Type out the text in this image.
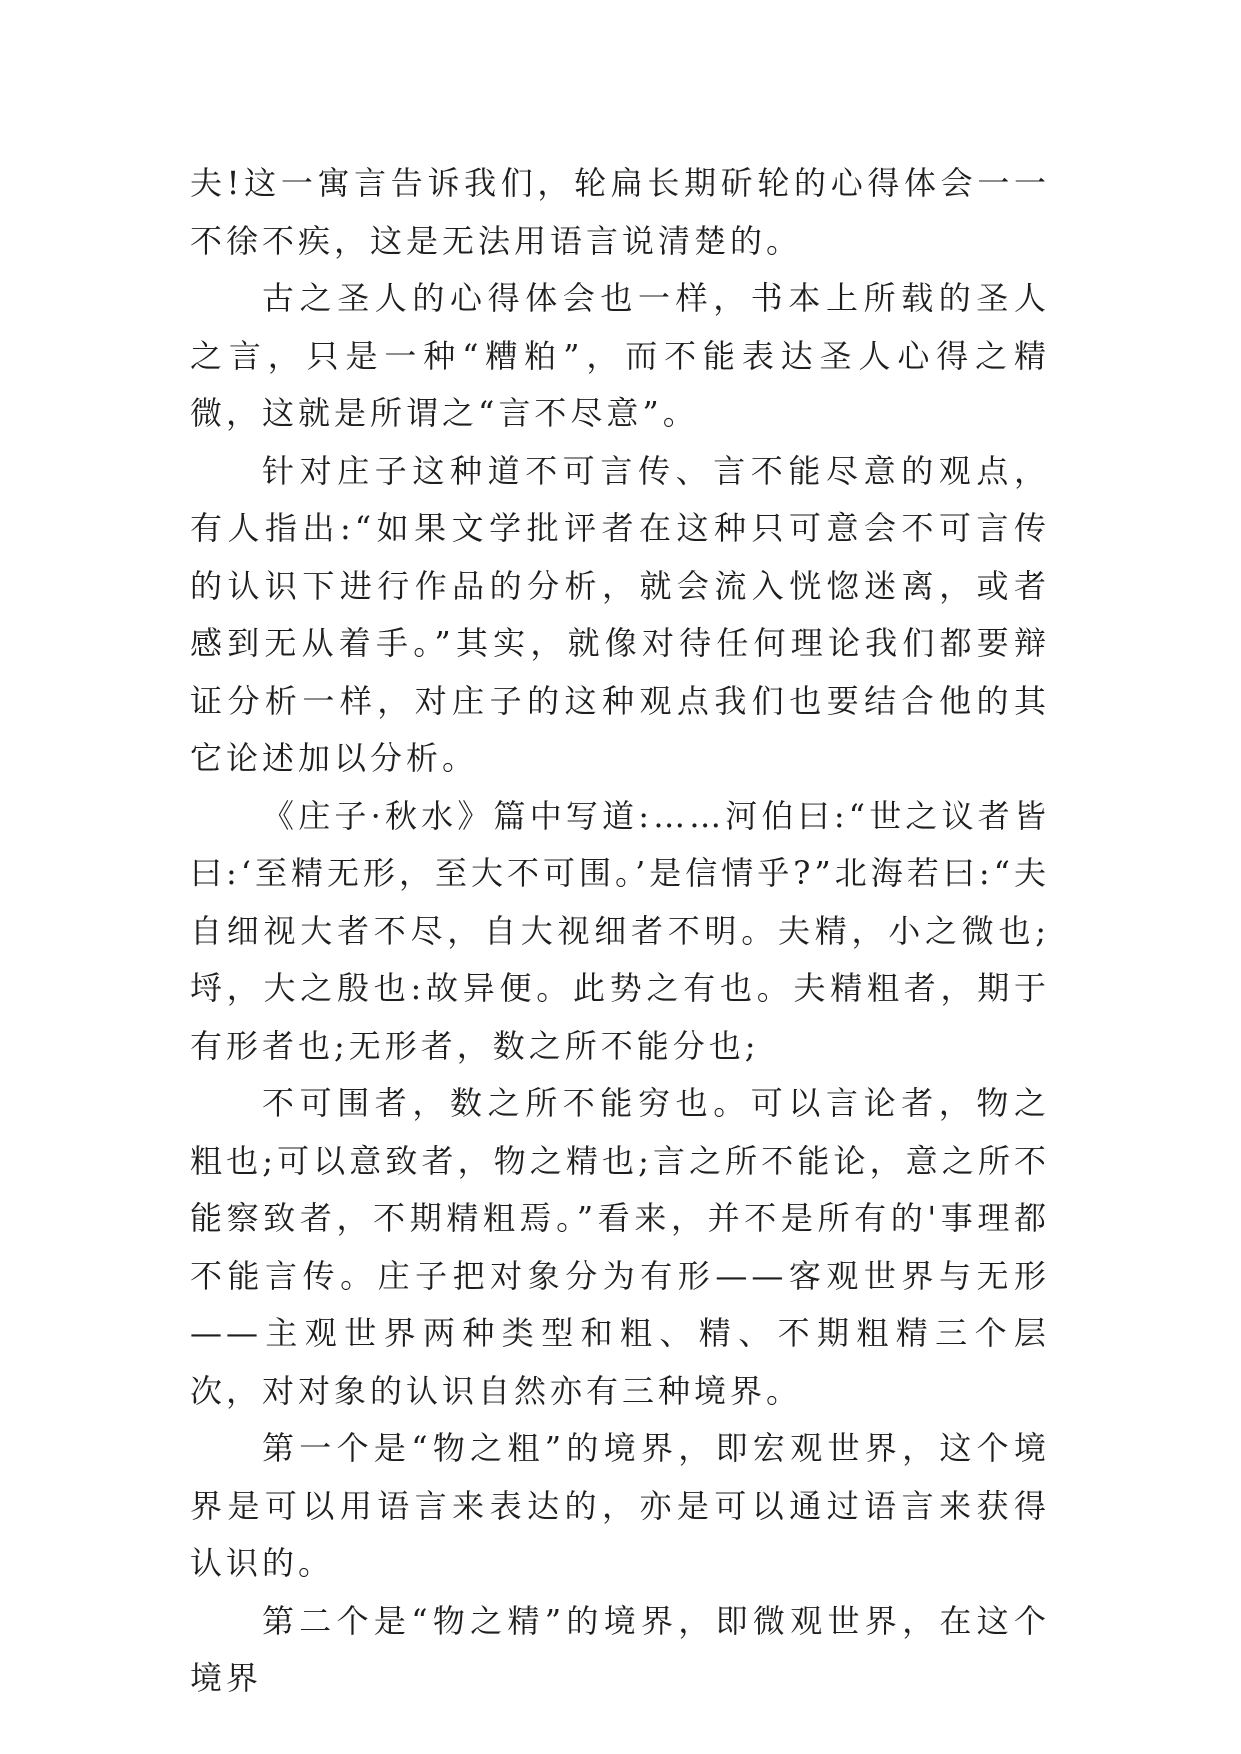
夫!这一寓言告诉我们，轮扁长期斫轮的心得体会一一不徐不疾，这是无法用语言说清楚的。

古之圣人的心得体会也一样，书本上所载的圣人之言，只是一种“糟粕”，而不能表达圣人心得之精微，这就是所谓之“言不尽意”。

针对庄子这种道不可言传、言不能尽意的观点，有人指出:“如果文学批评者在这种只可意会不可言传的认识下进行作品的分析，就会流入恍惚迷离，或者感到无从着手。”其实，就像对待任何理论我们都要辩证分析一样，对庄子的这种观点我们也要结合他的其它论述加以分析。

《庄子·秋水》篇中写道:……河伯曰:“世之议者皆曰:‘至精无形，至大不可围。’是信情乎?”北海若曰:“夫自细视大者不尽，自大视细者不明。夫精，小之微也;埒，大之殷也:故异便。此势之有也。夫精粗者，期于有形者也;无形者，数之所不能分也;

不可围者，数之所不能穷也。可以言论者，物之粗也;可以意致者，物之精也;言之所不能论，意之所不能察致者，不期精粗焉。”看来，并不是所有的'事理都不能言传。庄子把对象分为有形——客观世界与无形——主观世界两种类型和粗、精、不期粗精三个层次，对对象的认识自然亦有三种境界。

第一个是“物之粗”的境界，即宏观世界，这个境界是可以用语言来表达的，亦是可以通过语言来获得认识的。

第二个是“物之精”的境界，即微观世界，在这个境界
